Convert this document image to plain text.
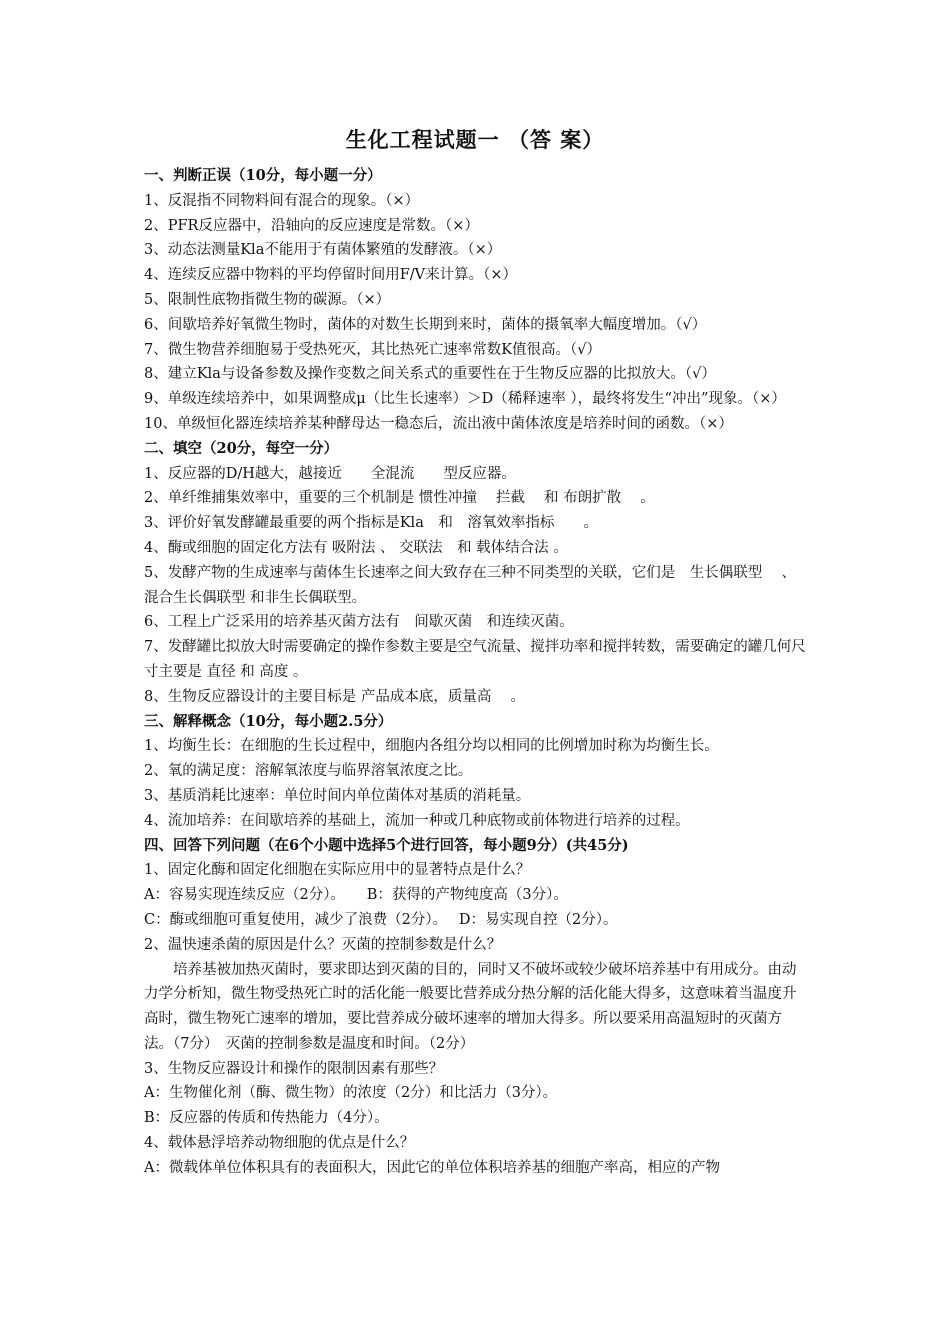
生化工程试题一 （答 案）

一、判断正误（10分，每小题一分）

1、反混指不同物料间有混合的现象。（×）

2、PFR反应器中，沿轴向的反应速度是常数。（×）

3、动态法测量Kla不能用于有菌体繁殖的发酵液。（×）

4、连续反应器中物料的平均停留时间用F/V来计算。（×）

5、限制性底物指微生物的碳源。（×）

6、间歇培养好氧微生物时，菌体的对数生长期到来时，菌体的摄氧率大幅度增加。（√）

7、微生物营养细胞易于受热死灭，其比热死亡速率常数K值很高。（√）

8、建立Kla与设备参数及操作变数之间关系式的重要性在于生物反应器的比拟放大。（√）

9、单级连续培养中，如果调整成μ（比生长速率）＞D（稀释速率 ），最终将发生“冲出”现象。（×）

10、单级恒化器连续培养某种酵母达一稳态后，流出液中菌体浓度是培养时间的函数。（×）

二、填空（20分，每空一分）

1、反应器的D/H越大，越接近　　全混流　　型反应器。

2、单纤维捕集效率中，重要的三个机制是 惯性冲撞　 拦截　 和 布朗扩散　 。

3、评价好氧发酵罐最重要的两个指标是Kla　和　溶氧效率指标　　。

4、酶或细胞的固定化方法有 吸附法 、 交联法　和 载体结合法 。

5、发酵产物的生成速率与菌体生长速率之间大致存在三种不同类型的关联，它们是　生长偶联型　 、 混合生长偶联型 和非生长偶联型。

6、工程上广泛采用的培养基灭菌方法有　间歇灭菌　和连续灭菌。

7、发酵罐比拟放大时需要确定的操作参数主要是空气流量、搅拌功率和搅拌转数，需要确定的罐几何尺寸主要是 直径 和 高度 。

8、生物反应器设计的主要目标是 产品成本底，质量高　 。

三、解释概念（10分，每小题2.5分）

1、均衡生长：在细胞的生长过程中，细胞内各组分均以相同的比例增加时称为均衡生长。

2、氧的满足度：溶解氧浓度与临界溶氧浓度之比。

3、基质消耗比速率：单位时间内单位菌体对基质的消耗量。

4、流加培养：在间歇培养的基础上，流加一种或几种底物或前体物进行培养的过程。

四、回答下列问题（在6个小题中选择5个进行回答，每小题9分）(共45分)

1、固定化酶和固定化细胞在实际应用中的显著特点是什么？

A：容易实现连续反应（2分）。　　B：获得的产物纯度高（3分）。

C：酶或细胞可重复使用，减少了浪费（2分）。　 D：易实现自控（2分）。

2、温快速杀菌的原因是什么？灭菌的控制参数是什么？

培养基被加热灭菌时，要求即达到灭菌的目的，同时又不破坏或较少破坏培养基中有用成分。由动力学分析知，微生物受热死亡时的活化能一般要比营养成分热分解的活化能大得多，这意味着当温度升高时，微生物死亡速率的增加，要比营养成分破坏速率的增加大得多。所以要采用高温短时的灭菌方法。（7分）　灭菌的控制参数是温度和时间。（2分）

3、生物反应器设计和操作的限制因素有那些？

A：生物催化剂（酶、微生物）的浓度（2分）和比活力（3分）。

B：反应器的传质和传热能力（4分）。

4、载体悬浮培养动物细胞的优点是什么？

A：微载体单位体积具有的表面积大，因此它的单位体积培养基的细胞产率高，相应的产物
